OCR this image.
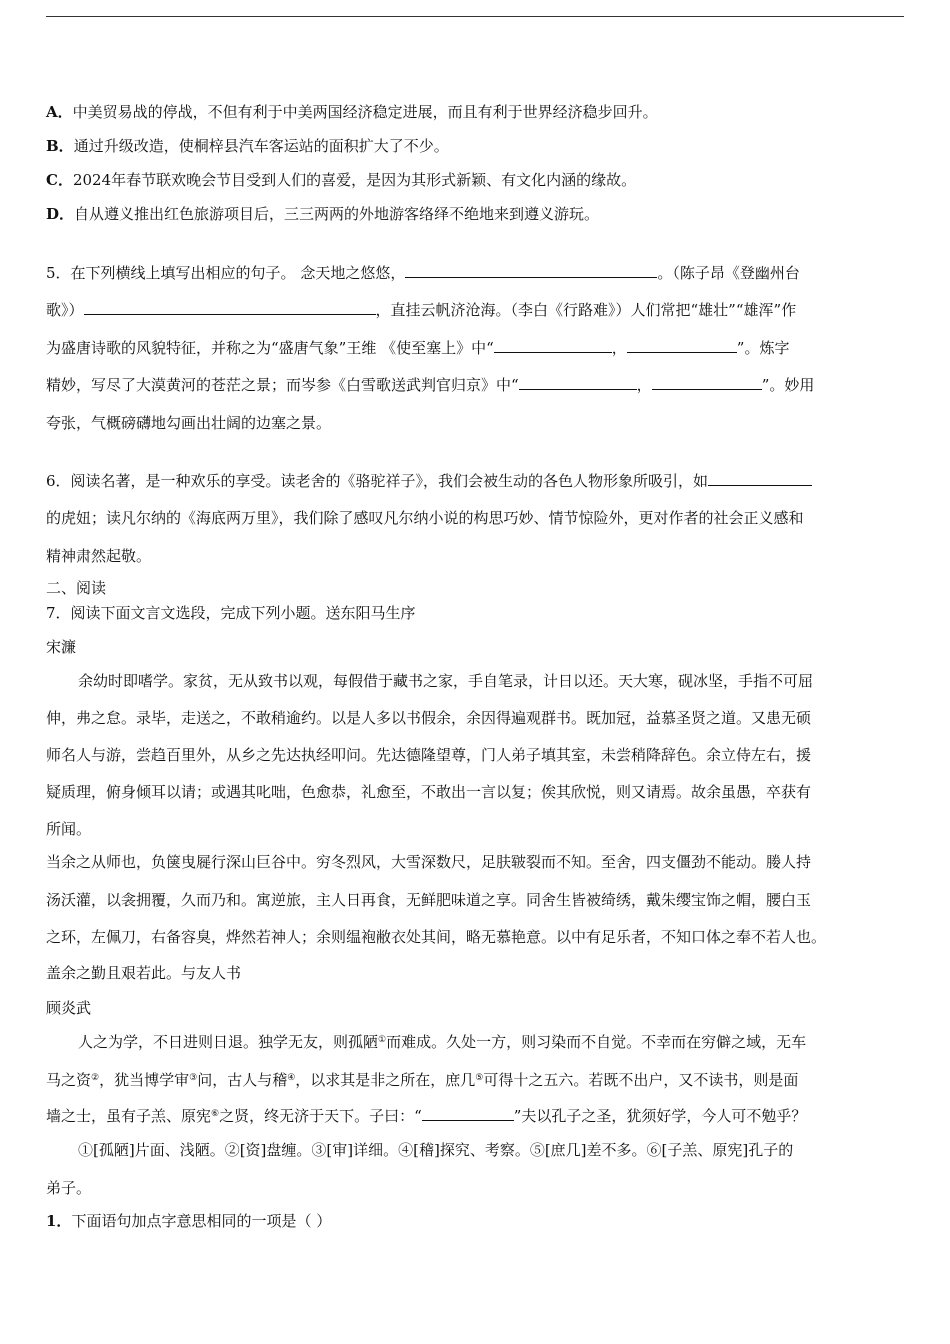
A．中美贸易战的停战，不但有利于中美两国经济稳定进展，而且有利于世界经济稳步回升。
B．通过升级改造，使桐梓县汽车客运站的面积扩大了不少。
C．2024年春节联欢晚会节目受到人们的喜爱，是因为其形式新颖、有文化内涵的缘故。
D．自从遵义推出红色旅游项目后，三三两两的外地游客络绎不绝地来到遵义游玩。
5．在下列横线上填写出相应的句子。 念天地之悠悠，	。（陈子昂《登幽州台
歌》）	，直挂云帆济沧海。（李白《行路难》）人们常把“雄壮”“雄浑”作
为盛唐诗歌的风貌特征，并称之为“盛唐气象”王维 《使至塞上》中“	，	”。炼字
精妙，写尽了大漠黄河的苍茫之景；而岑参《白雪歌送武判官归京》中“	，	”。妙用
夸张，气概磅礴地勾画出壮阔的边塞之景。
6．阅读名著，是一种欢乐的享受。读老舍的《骆驼祥子》，我们会被生动的各色人物形象所吸引，如
的虎妞；读凡尔纳的《海底两万里》，我们除了感叹凡尔纳小说的构思巧妙、情节惊险外，更对作者的社会正义感和
精神肃然起敬。
二、阅读
7．阅读下面文言文选段，完成下列小题。送东阳马生序
宋濂
余幼时即嗜学。家贫，无从致书以观，每假借于藏书之家，手自笔录，计日以还。天大寒，砚冰坚，手指不可屈
伸，弗之怠。录毕，走送之，不敢稍逾约。以是人多以书假余，余因得遍观群书。既加冠，益慕圣贤之道。又患无硕
师名人与游，尝趋百里外，从乡之先达执经叩问。先达德隆望尊，门人弟子填其室，未尝稍降辞色。余立侍左右，援
疑质理，俯身倾耳以请；或遇其叱咄，色愈恭，礼愈至，不敢出一言以复；俟其欣悦，则又请焉。故余虽愚，卒获有
所闻。
当余之从师也，负箧曳屣行深山巨谷中。穷冬烈风，大雪深数尺，足肤皲裂而不知。至舍，四支僵劲不能动。媵人持
汤沃灌，以衾拥覆，久而乃和。寓逆旅，主人日再食，无鲜肥味道之享。同舍生皆被绮绣，戴朱缨宝饰之帽，腰白玉
之环，左佩刀，右备容臭，烨然若神人；余则缊袍敝衣处其间，略无慕艳意。以中有足乐者，不知口体之奉不若人也。
盖余之勤且艰若此。与友人书
顾炎武
人之为学，不日进则日退。独学无友，则孤陋①而难成。久处一方，则习染而不自觉。不幸而在穷僻之域，无车
马之资②，犹当博学审③问，古人与稽④，以求其是非之所在，庶几⑤可得十之五六。若既不出户，又不读书，则是面
墙之士，虽有子羔、原宪⑥之贤，终无济于天下。子曰：“	”夫以孔子之圣，犹须好学，今人可不勉乎？
①[孤陋]片面、浅陋。②[资]盘缠。③[审]详细。④[稽]探究、考察。⑤[庶几]差不多。⑥[子羔、原宪]孔子的
弟子。
1．下面语句加点字意思相同的一项是（ ）
